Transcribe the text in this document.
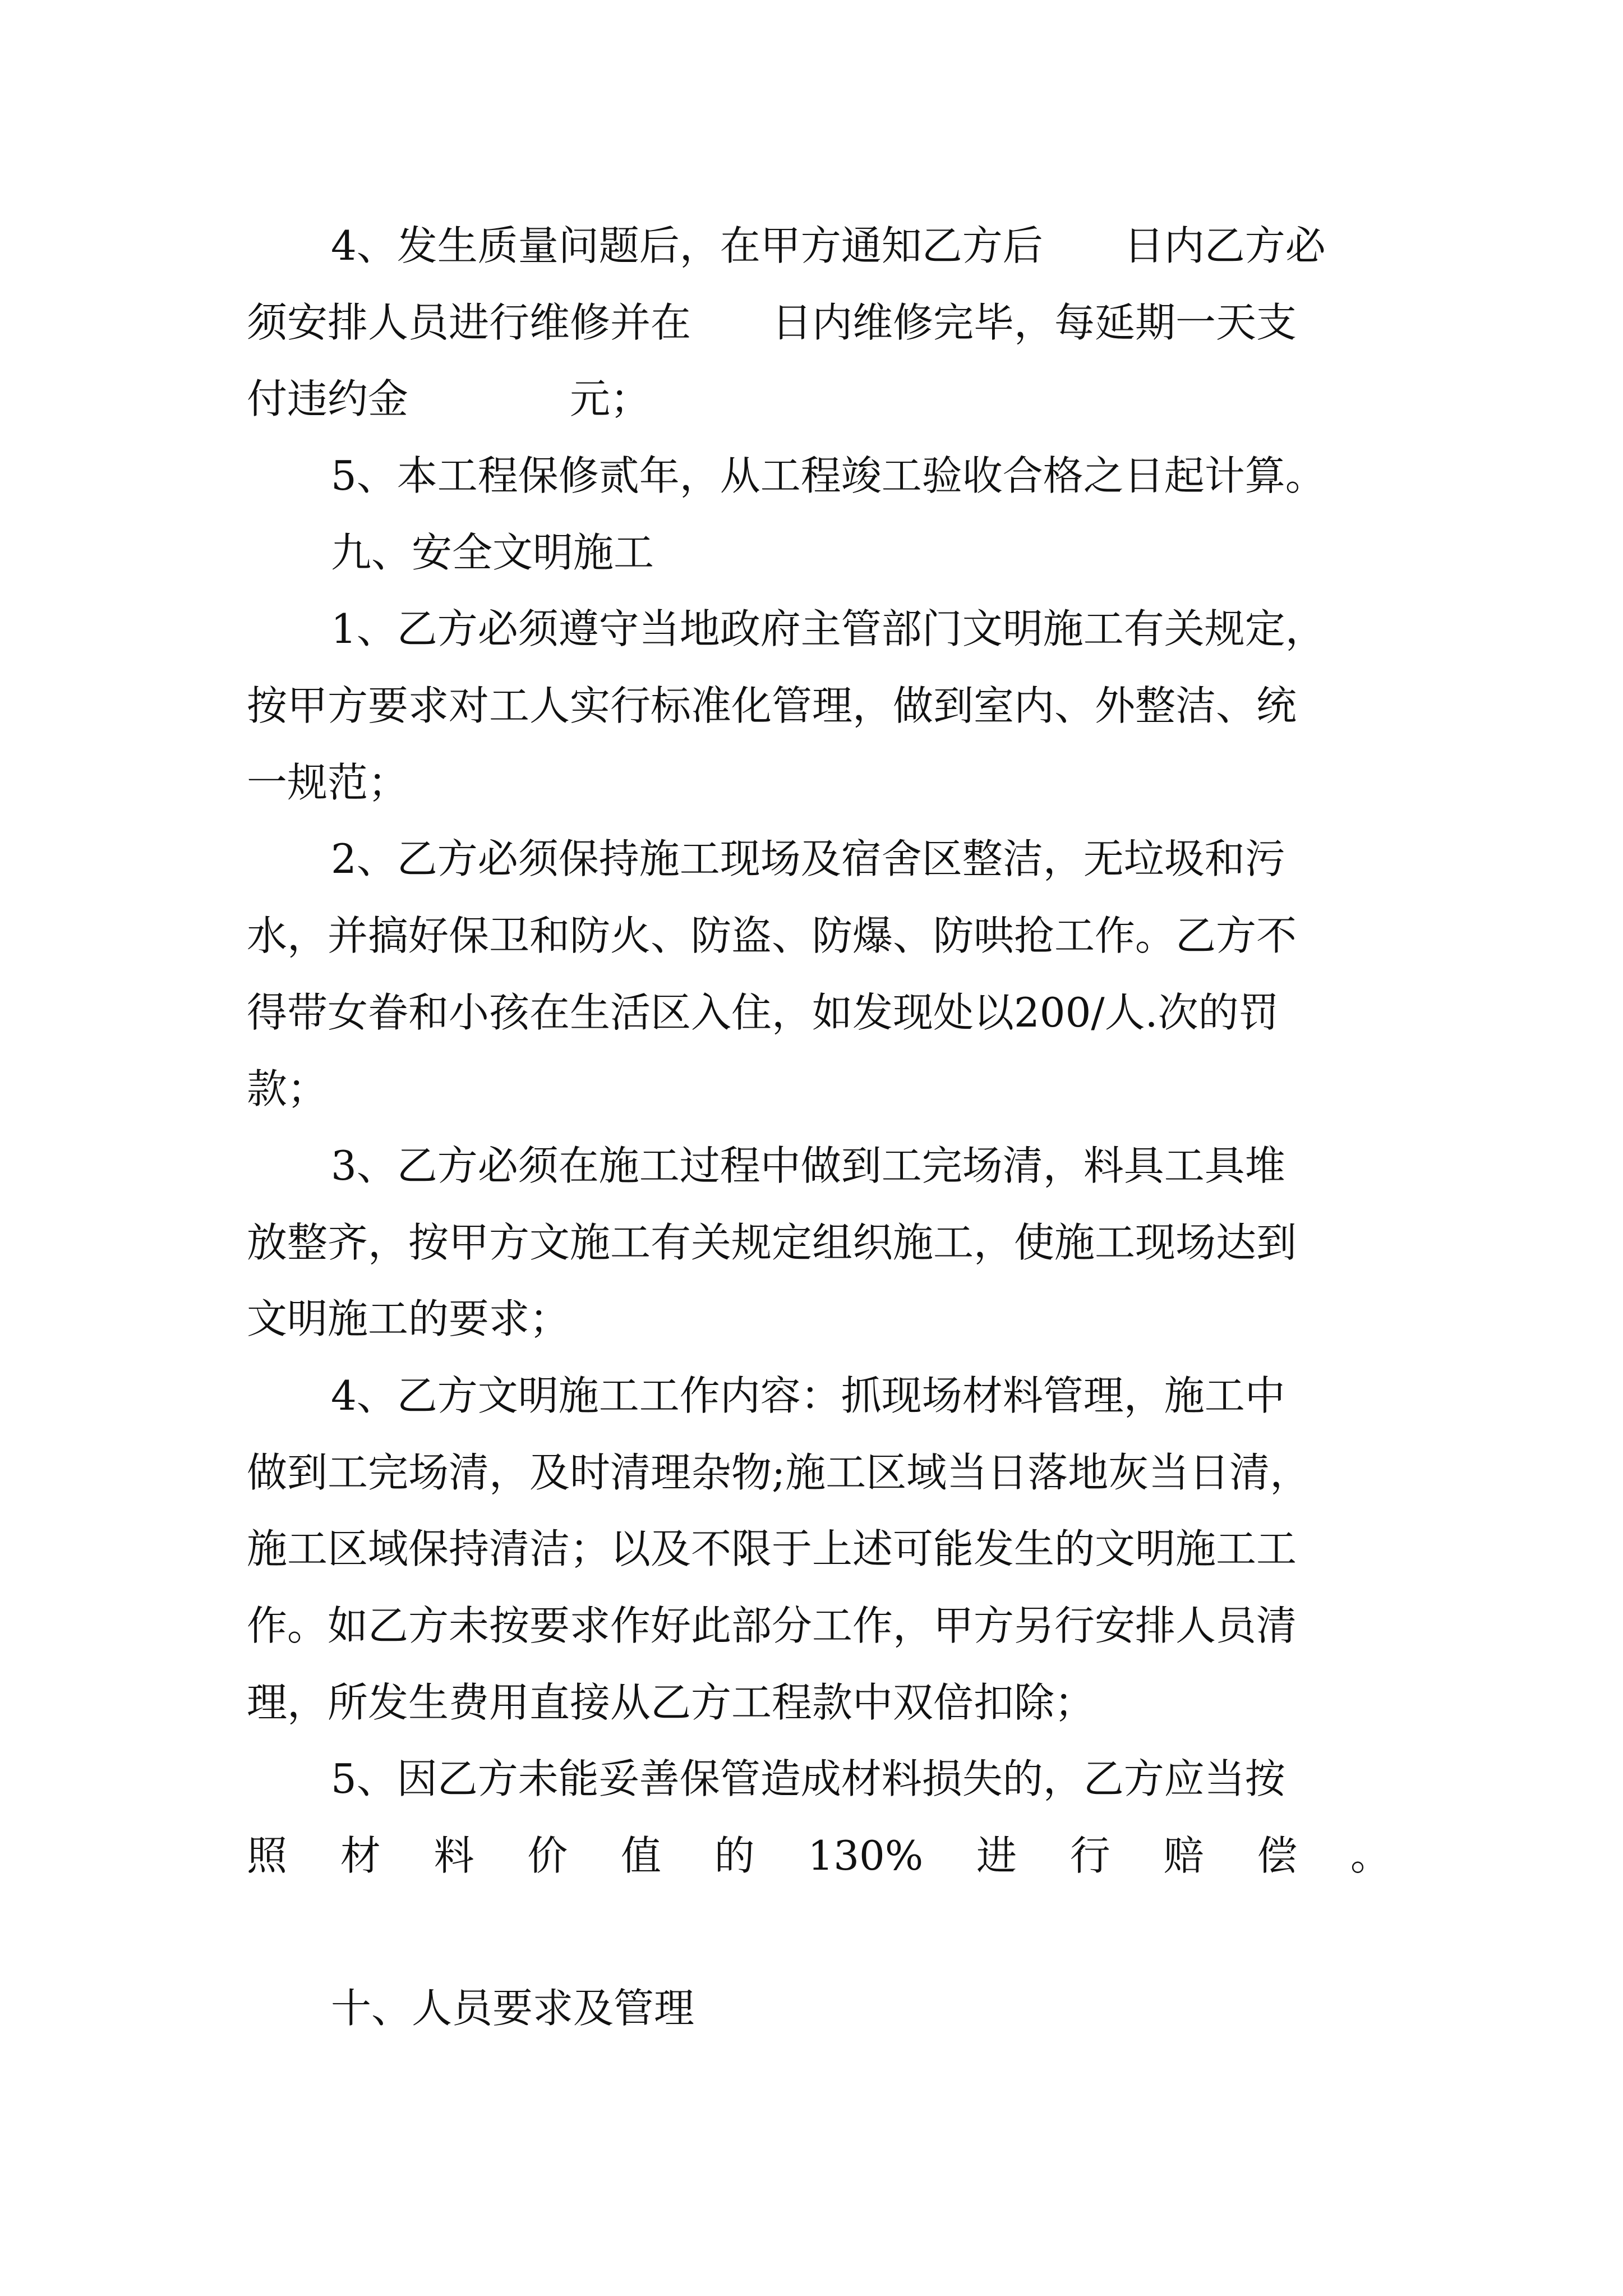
4、发生质量问题后，在甲方通知乙方后　　日内乙方必
须安排人员进行维修并在　　日内维修完毕，每延期一天支
付违约金　　　　元；
5、本工程保修贰年，从工程竣工验收合格之日起计算。
九、安全文明施工
1、乙方必须遵守当地政府主管部门文明施工有关规定，
按甲方要求对工人实行标准化管理，做到室内、外整洁、统
一规范；
2、乙方必须保持施工现场及宿舍区整洁，无垃圾和污
水，并搞好保卫和防火、防盗、防爆、防哄抢工作。乙方不
得带女眷和小孩在生活区入住，如发现处以200/人.次的罚
款；
3、乙方必须在施工过程中做到工完场清，料具工具堆
放整齐，按甲方文施工有关规定组织施工，使施工现场达到
文明施工的要求；
4、乙方文明施工工作内容：抓现场材料管理，施工中
做到工完场清，及时清理杂物;施工区域当日落地灰当日清，
施工区域保持清洁；以及不限于上述可能发生的文明施工工
作。如乙方未按要求作好此部分工作，甲方另行安排人员清
理，所发生费用直接从乙方工程款中双倍扣除；
5、因乙方未能妥善保管造成材料损失的，乙方应当按
照 材 料 价 值 的 130% 进 行 赔 偿 。
十、人员要求及管理
